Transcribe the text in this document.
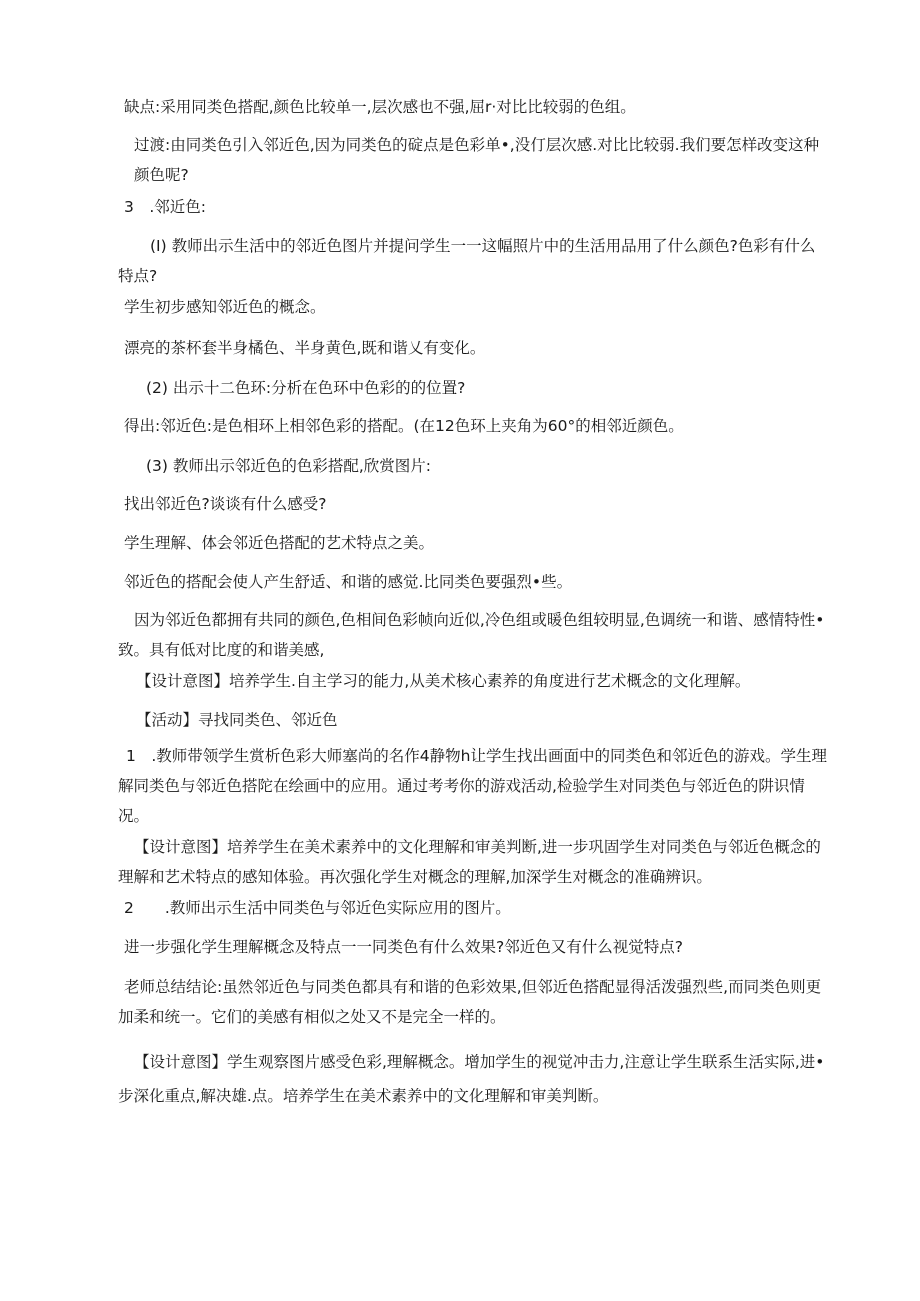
缺点:采用同类色搭配,颜色比较单一,层次感也不强,屈r·对比比较弱的色组。

过渡:由同类色引入邻近色,因为同类色的碇点是色彩单•,没仃层次感.对比比较弱.我们要怎样改变这种颜色呢?

3　.邻近色:

(I) 教师出示生活中的邻近色图片并提问学生一一这幅照片中的生活用品用了什么颜色?色彩有什么特点?

学生初步感知邻近色的概念。

漂亮的茶杯套半身橘色、半身黄色,既和谐乂有变化。

(2) 出示十二色环:分析在色环中色彩的的位置?

得出:邻近色:是色相环上相邻色彩的搭配。(在12色环上夹角为60°的相邻近颜色。

(3) 教师出示邻近色的色彩搭配,欣赏图片:

找出邻近色?谈谈有什么感受?

学生理解、体会邻近色搭配的艺术特点之美。

邻近色的搭配会使人产生舒适、和谐的感觉.比同类色要强烈•些。

因为邻近色都拥有共同的颜色,色相间色彩帧向近似,冷色组或暖色组较明显,色调统一和谐、感情特性•致。具有低对比度的和谐美感,

【设计意图】培养学生.自主学习的能力,从美术核心素养的角度进行艺术概念的文化理解。

【活动】寻找同类色、邻近色

1　.教师带领学生赏析色彩大师塞尚的名作4静物h让学生找出画面中的同类色和邻近色的游戏。学生理解同类色与邻近色搭陀在绘画中的应用。通过考考你的游戏活动,检验学生对同类色与邻近色的阱识情况。

【设计意图】培养学生在美术素养中的文化理解和审美判断,进一步巩固学生对同类色与邻近色概念的理解和艺术特点的感知体验。再次强化学生对概念的理解,加深学生对概念的准确辨识。

2　　.教师出示生活中同类色与邻近色实际应用的图片。

进一步强化学生理解概念及特点一一同类色有什么效果?邻近色又有什么视觉特点?

老师总结结论:虽然邻近色与同类色都具有和谐的色彩效果,但邻近色搭配显得活泼强烈些,而同类色则更加柔和统一。它们的美感有相似之处又不是完全一样的。

【设计意图】学生观察图片感受色彩,理解概念。增加学生的视觉冲击力,注意让学生联系生活实际,进•步深化重点,解决雄.点。培养学生在美术素养中的文化理解和审美判断。
